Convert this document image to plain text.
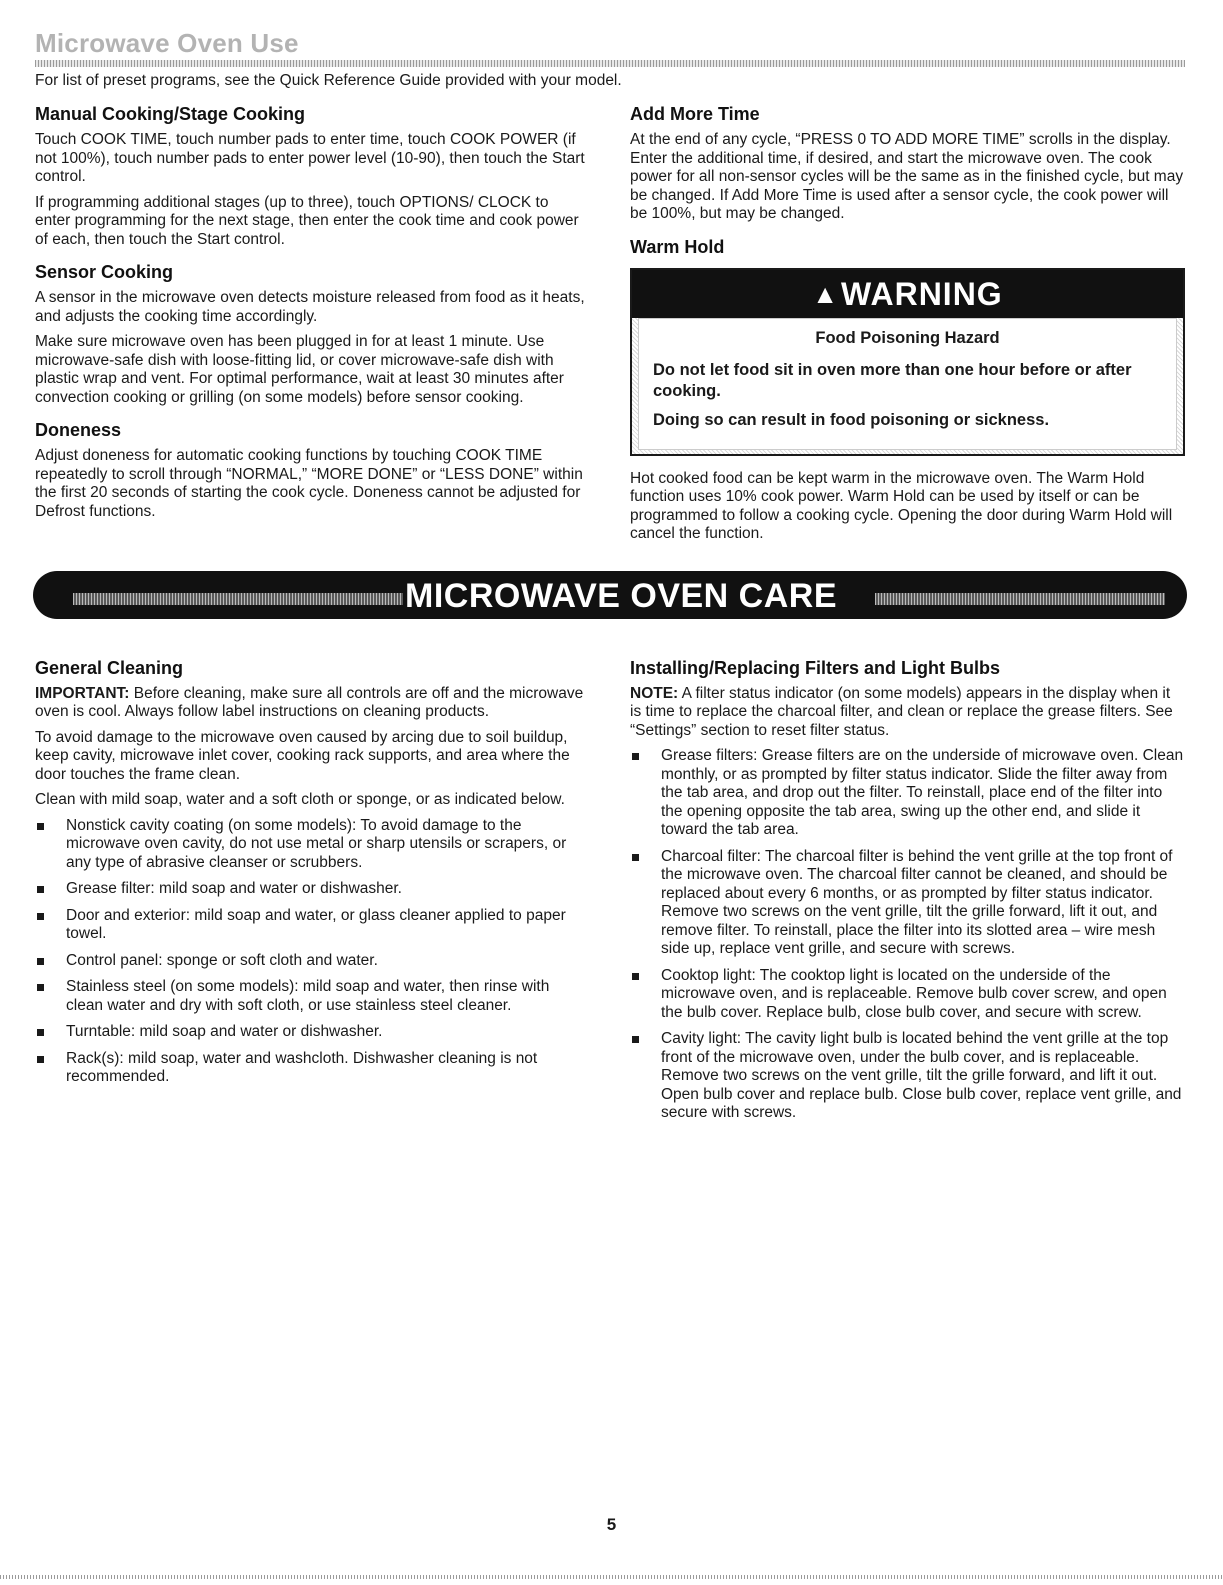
Microwave Oven Use

For list of preset programs, see the Quick Reference Guide provided with your model.

Manual Cooking/Stage Cooking

Touch COOK TIME, touch number pads to enter time, touch COOK POWER (if not 100%), touch number pads to enter power level (10-90), then touch the Start control.

If programming additional stages (up to three), touch OPTIONS/ CLOCK to enter programming for the next stage, then enter the cook time and cook power of each, then touch the Start control.

Sensor Cooking

A sensor in the microwave oven detects moisture released from food as it heats, and adjusts the cooking time accordingly.

Make sure microwave oven has been plugged in for at least 1 minute. Use microwave-safe dish with loose-fitting lid, or cover microwave-safe dish with plastic wrap and vent. For optimal performance, wait at least 30 minutes after convection cooking or grilling (on some models) before sensor cooking.

Doneness

Adjust doneness for automatic cooking functions by touching COOK TIME repeatedly to scroll through “NORMAL,” “MORE DONE” or “LESS DONE” within the first 20 seconds of starting the cook cycle. Doneness cannot be adjusted for Defrost functions.

Add More Time

At the end of any cycle, “PRESS 0 TO ADD MORE TIME” scrolls in the display. Enter the additional time, if desired, and start the microwave oven. The cook power for all non-sensor cycles will be the same as in the finished cycle, but may be changed. If Add More Time is used after a sensor cycle, the cook power will be 100%, but may be changed.

Warm Hold
▲WARNING
Food Poisoning Hazard
Do not let food sit in oven more than one hour before or after cooking.
Doing so can result in food poisoning or sickness.

Hot cooked food can be kept warm in the microwave oven. The Warm Hold function uses 10% cook power. Warm Hold can be used by itself or can be programmed to follow a cooking cycle. Opening the door during Warm Hold will cancel the function.

MICROWAVE OVEN CARE
General Cleaning

IMPORTANT: Before cleaning, make sure all controls are off and the microwave oven is cool. Always follow label instructions on cleaning products.

To avoid damage to the microwave oven caused by arcing due to soil buildup, keep cavity, microwave inlet cover, cooking rack supports, and area where the door touches the frame clean.

Clean with mild soap, water and a soft cloth or sponge, or as indicated below.

Nonstick cavity coating (on some models): To avoid damage to the microwave oven cavity, do not use metal or sharp utensils or scrapers, or any type of abrasive cleanser or scrubbers.
Grease filter: mild soap and water or dishwasher.
Door and exterior: mild soap and water, or glass cleaner applied to paper towel.
Control panel: sponge or soft cloth and water.
Stainless steel (on some models): mild soap and water, then rinse with clean water and dry with soft cloth, or use stainless steel cleaner.
Turntable: mild soap and water or dishwasher.
Rack(s): mild soap, water and washcloth. Dishwasher cleaning is not recommended.
Installing/Replacing Filters and Light Bulbs

NOTE: A filter status indicator (on some models) appears in the display when it is time to replace the charcoal filter, and clean or replace the grease filters. See “Settings” section to reset filter status.

Grease filters: Grease filters are on the underside of microwave oven. Clean monthly, or as prompted by filter status indicator. Slide the filter away from the tab area, and drop out the filter. To reinstall, place end of the filter into the opening opposite the tab area, swing up the other end, and slide it toward the tab area.
Charcoal filter: The charcoal filter is behind the vent grille at the top front of the microwave oven. The charcoal filter cannot be cleaned, and should be replaced about every 6 months, or as prompted by filter status indicator. Remove two screws on the vent grille, tilt the grille forward, lift it out, and remove filter. To reinstall, place the filter into its slotted area – wire mesh side up, replace vent grille, and secure with screws.
Cooktop light: The cooktop light is located on the underside of the microwave oven, and is replaceable. Remove bulb cover screw, and open the bulb cover. Replace bulb, close bulb cover, and secure with screw.
Cavity light: The cavity light bulb is located behind the vent grille at the top front of the microwave oven, under the bulb cover, and is replaceable. Remove two screws on the vent grille, tilt the grille forward, and lift it out. Open bulb cover and replace bulb. Close bulb cover, replace vent grille, and secure with screws.
5
